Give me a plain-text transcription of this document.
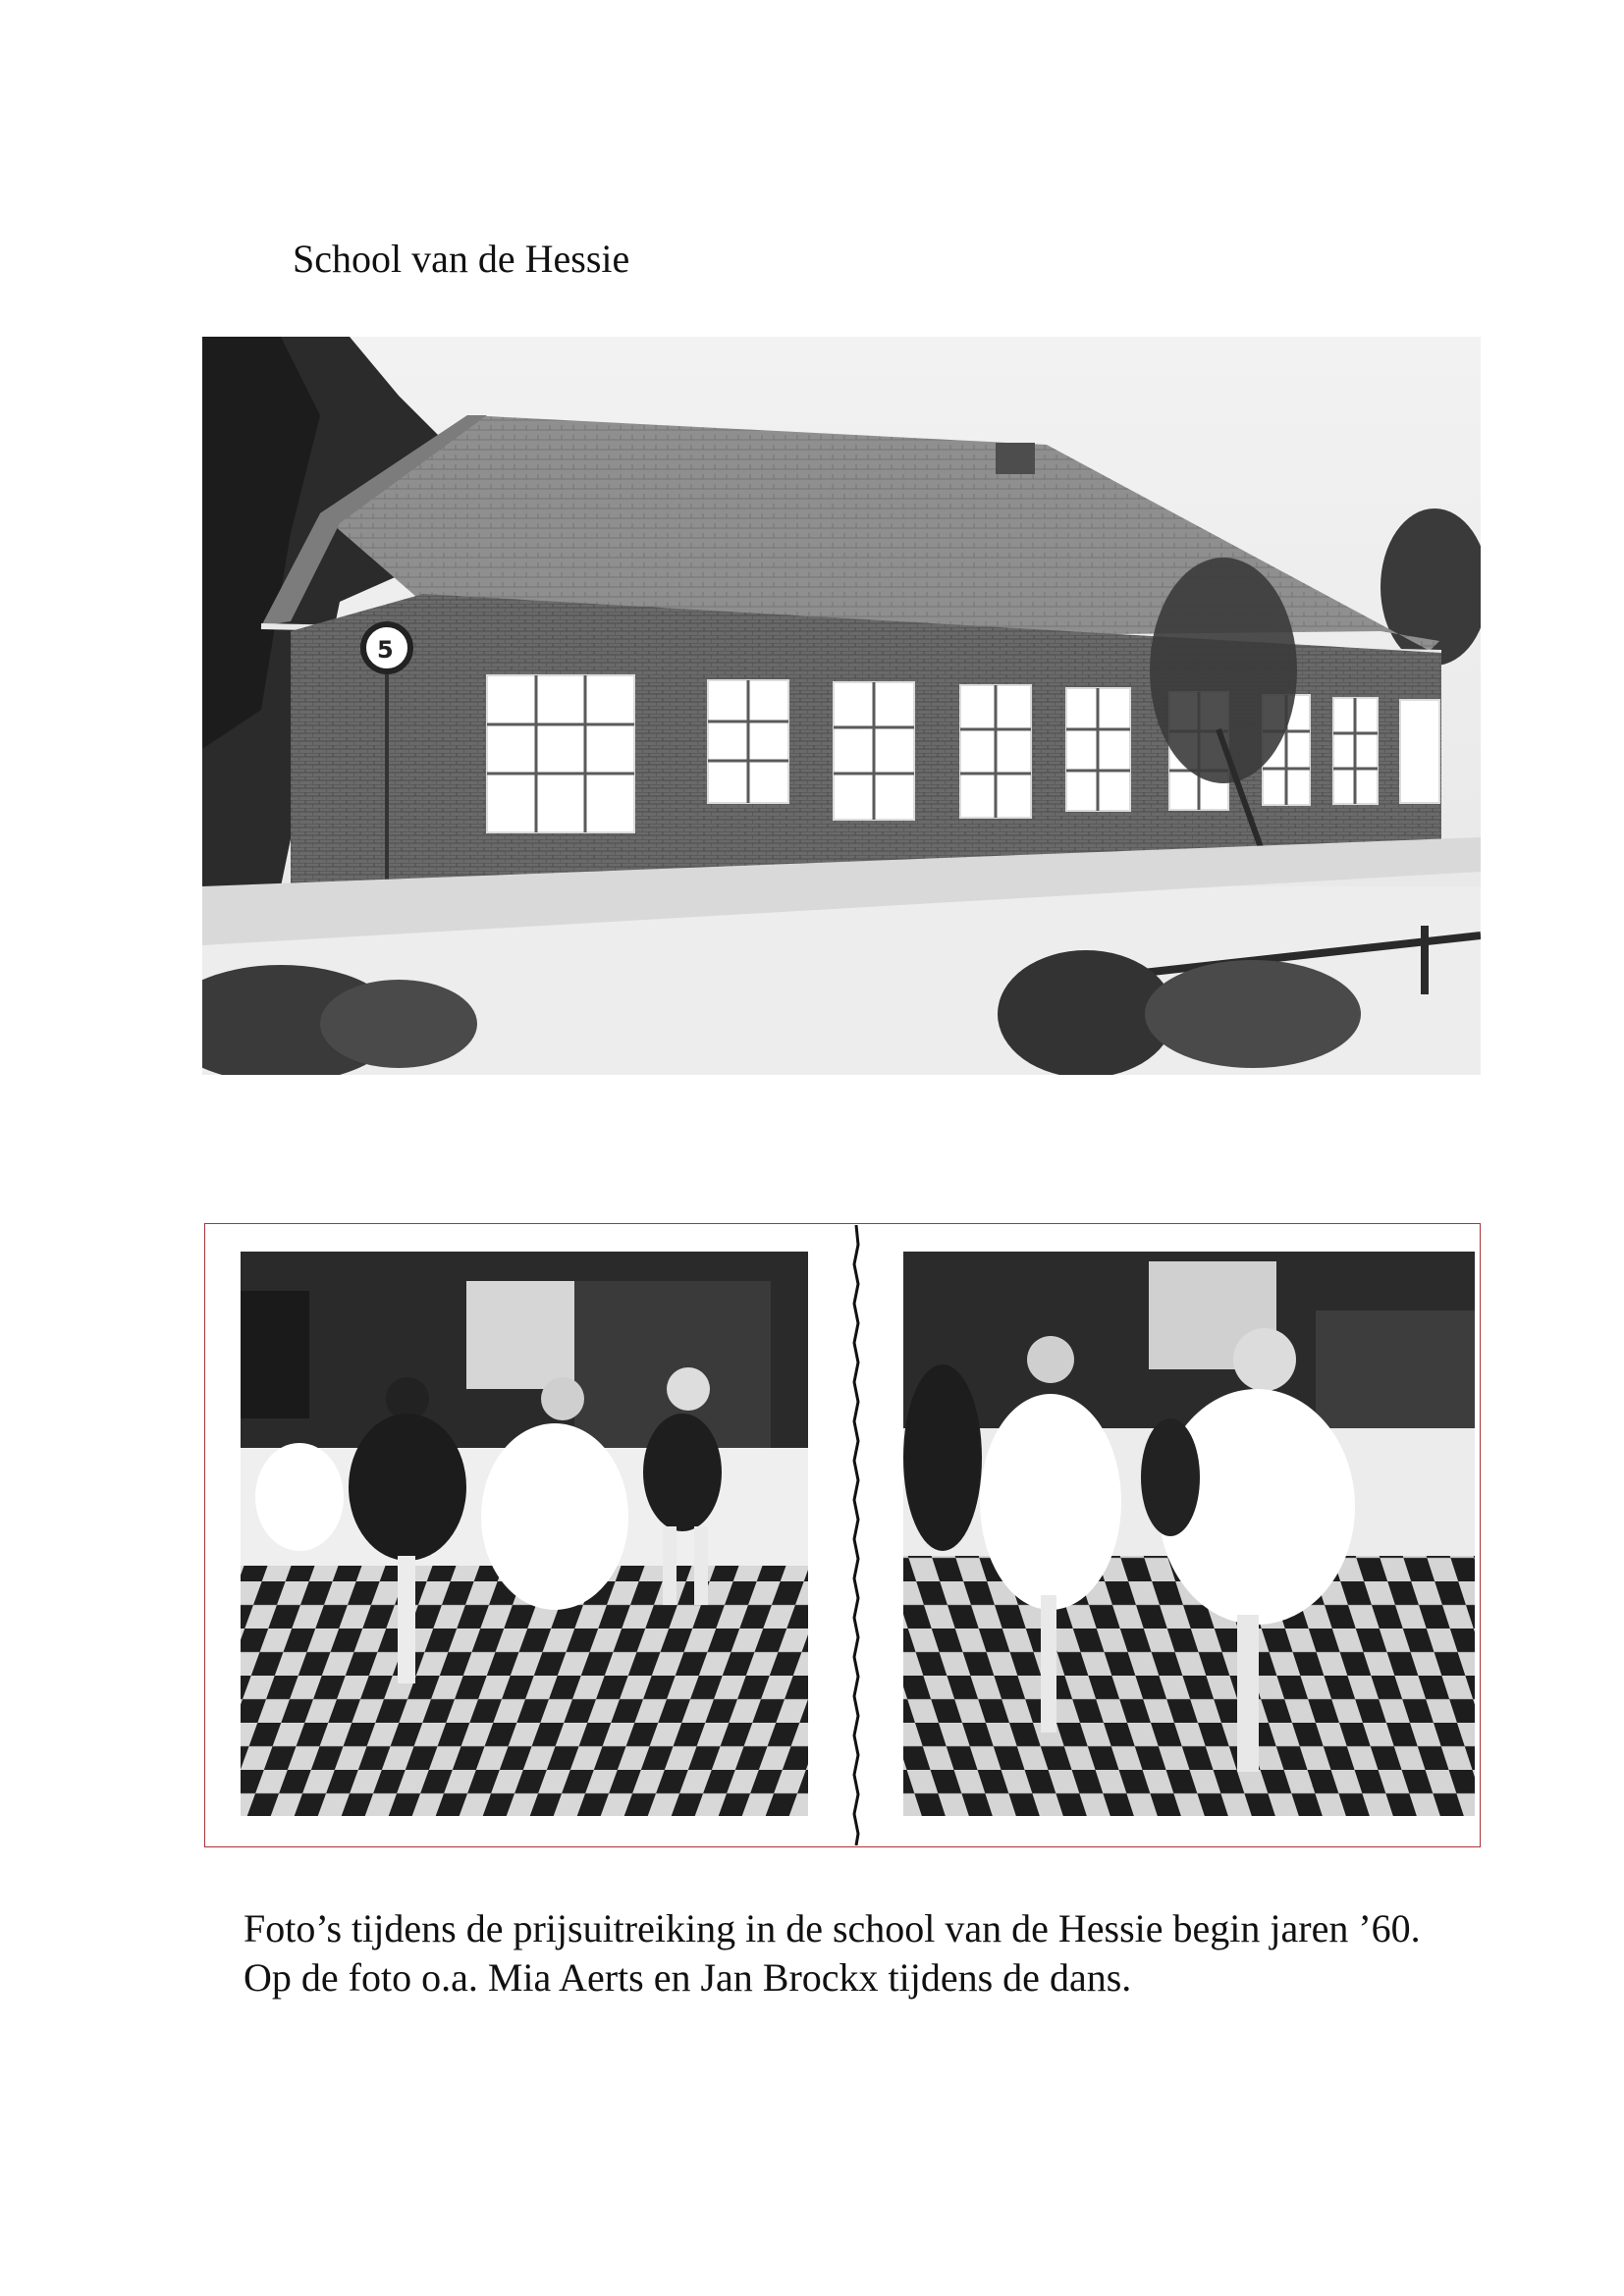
School van de Hessie
5
Foto’s tijdens de prijsuitreiking in de school van de Hessie begin jaren ’60.
Op de foto o.a. Mia Aerts en Jan Brockx tijdens de dans.
